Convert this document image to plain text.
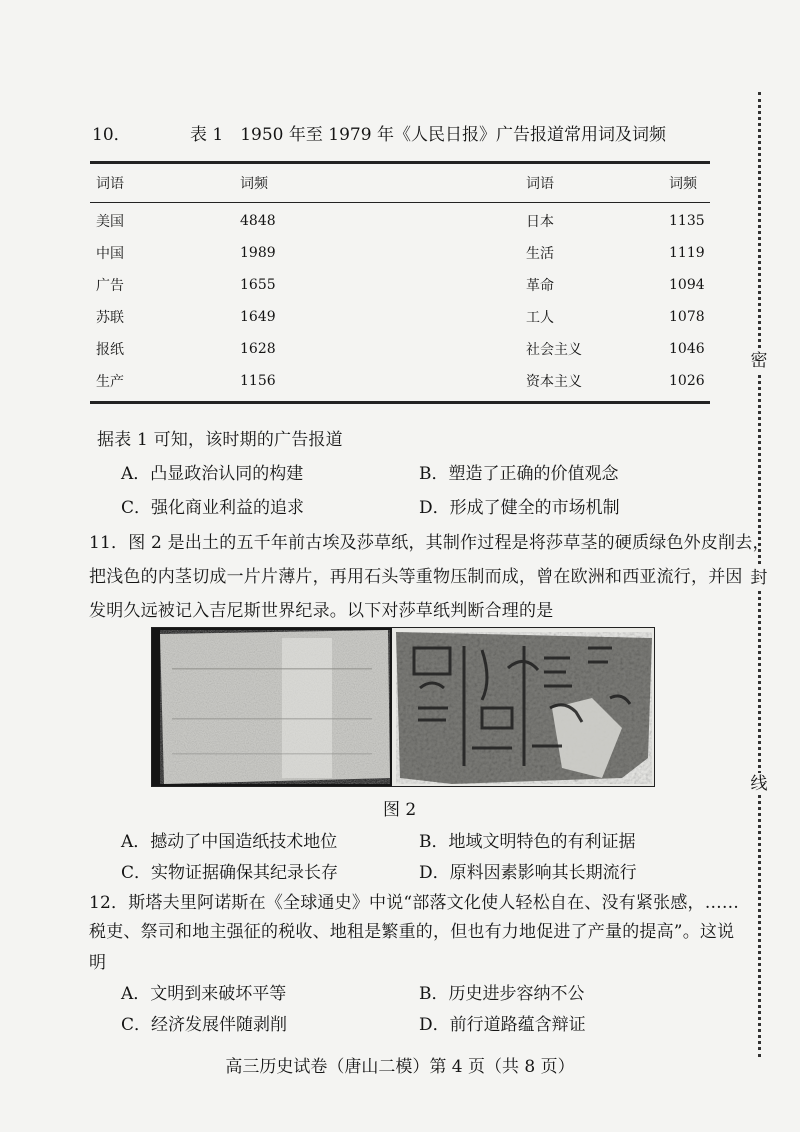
密
封
线
10．	表 1　1950 年至 1979 年《人民日报》广告报道常用词及词频
词语	词频	词语	词频
美国	4848	日本	1135
中国	1989	生活	1119
广告	1655	革命	1094
苏联	1649	工人	1078
报纸	1628	社会主义	1046
生产	1156	资本主义	1026
据表 1 可知，该时期的广告报道
A．凸显政治认同的构建	B．塑造了正确的价值观念
C．强化商业利益的追求	D．形成了健全的市场机制
11．图 2 是出土的五千年前古埃及莎草纸，其制作过程是将莎草茎的硬质绿色外皮削去，
把浅色的内茎切成一片片薄片，再用石头等重物压制而成，曾在欧洲和西亚流行，并因
发明久远被记入吉尼斯世界纪录。以下对莎草纸判断合理的是
图 2
A．撼动了中国造纸技术地位	B．地域文明特色的有利证据
C．实物证据确保其纪录长存	D．原料因素影响其长期流行
12．斯塔夫里阿诺斯在《全球通史》中说“部落文化使人轻松自在、没有紧张感，……
税吏、祭司和地主强征的税收、地租是繁重的，但也有力地促进了产量的提高”。这说
明
A．文明到来破坏平等	B．历史进步容纳不公
C．经济发展伴随剥削	D．前行道路蕴含辩证
高三历史试卷（唐山二模）第 4 页（共 8 页）
